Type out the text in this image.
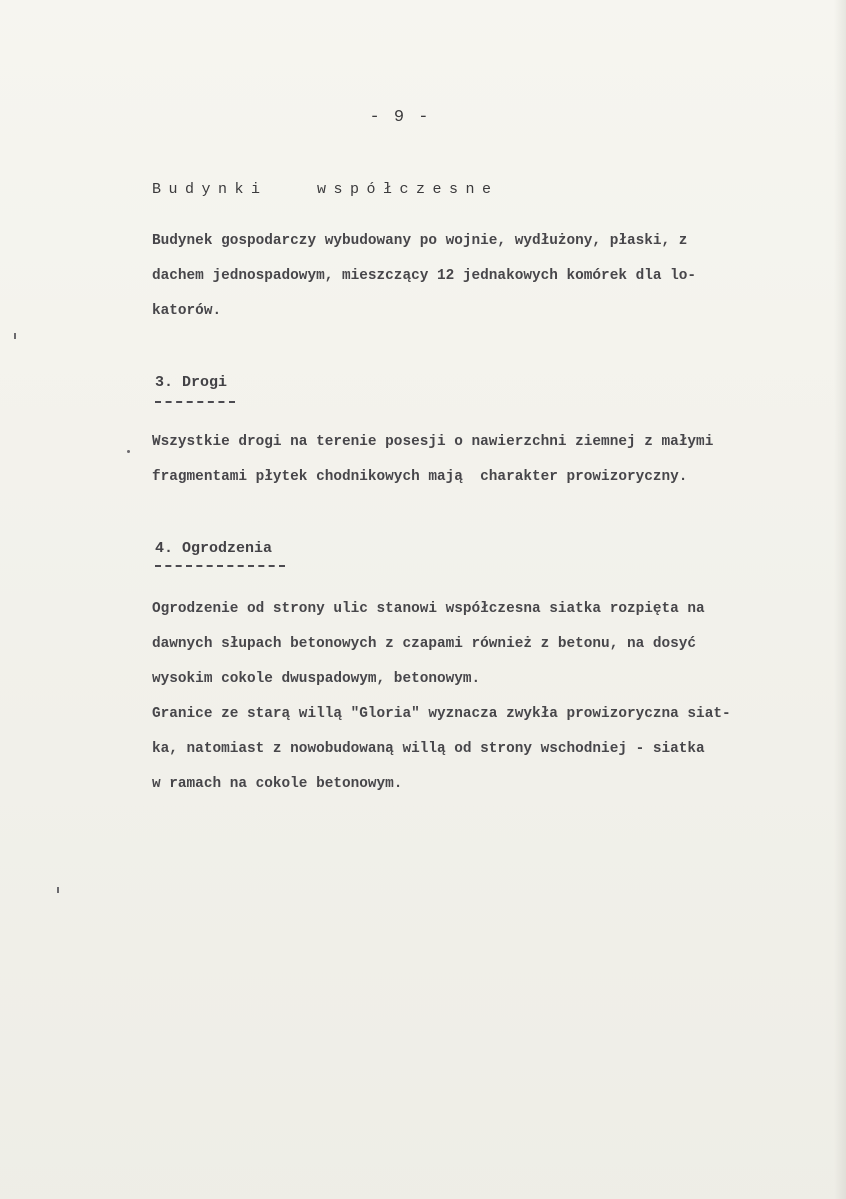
- 9 -
Budynki   współczesne
Budynek gospodarczy wybudowany po wojnie, wydłużony, płaski, z
dachem jednospadowym, mieszczący 12 jednakowych komórek dla lo-
katorów.
3. Drogi
Wszystkie drogi na terenie posesji o nawierzchni ziemnej z małymi
fragmentami płytek chodnikowych mają  charakter prowizoryczny.
4. Ogrodzenia
Ogrodzenie od strony ulic stanowi współczesna siatka rozpięta na
dawnych słupach betonowych z czapami również z betonu, na dosyć
wysokim cokole dwuspadowym, betonowym.
Granice ze starą willą "Gloria" wyznacza zwykła prowizoryczna siat-
ka, natomiast z nowobudowaną willą od strony wschodniej - siatka
w ramach na cokole betonowym.
